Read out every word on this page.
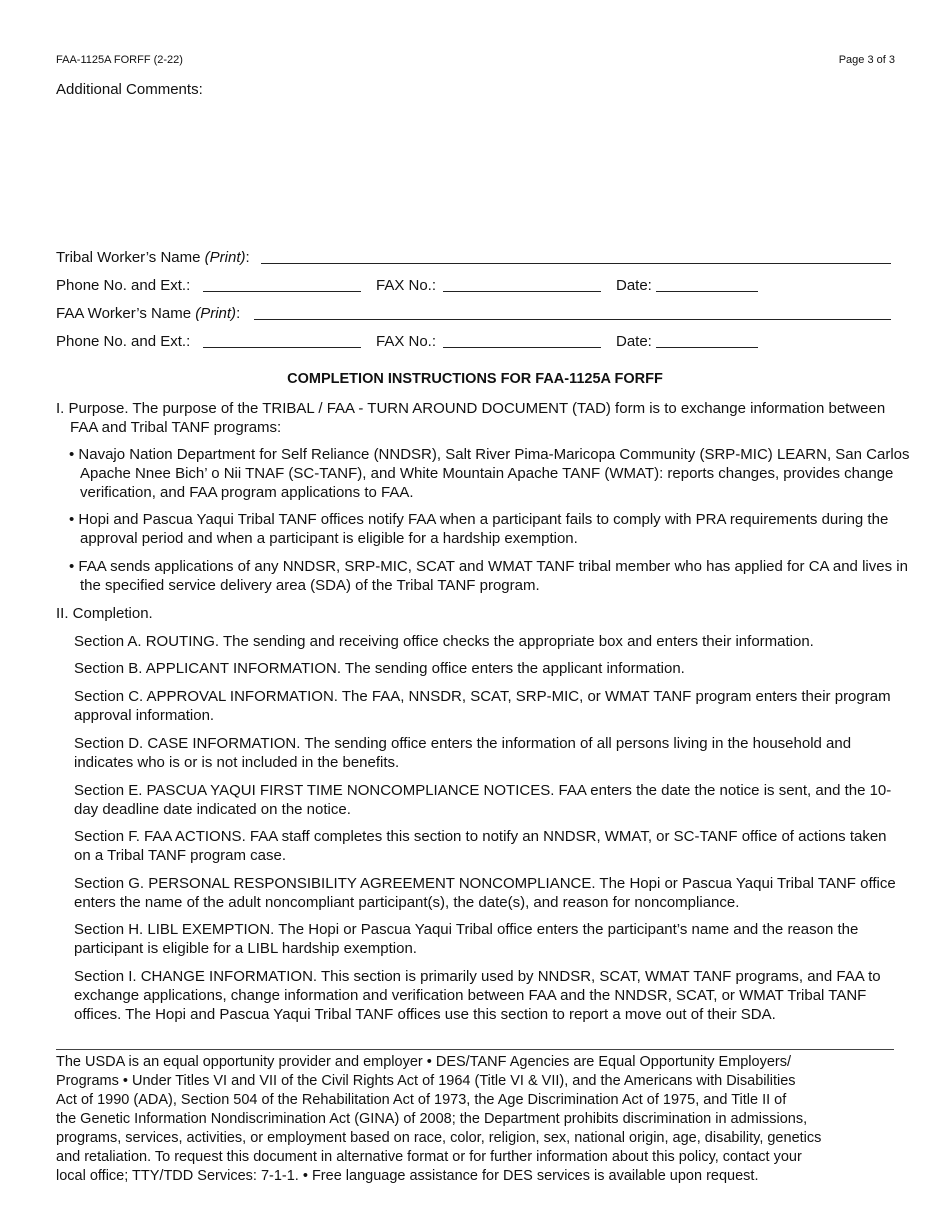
FAA-1125A FORFF (2-22)	Page 3 of 3
Additional Comments:
Tribal Worker’s Name (Print):
Phone No. and Ext.:	FAX No.:	Date:
FAA Worker’s Name (Print):
Phone No. and Ext.:	FAX No.:	Date:
COMPLETION INSTRUCTIONS FOR FAA-1125A FORFF
I. Purpose. The purpose of the TRIBAL / FAA - TURN AROUND DOCUMENT (TAD) form is to exchange information between FAA and Tribal TANF programs:
• Navajo Nation Department for Self Reliance (NNDSR), Salt River Pima-Maricopa Community (SRP-MIC) LEARN, San Carlos Apache Nnee Bich’ o Nii TNAF (SC-TANF), and White Mountain Apache TANF (WMAT): reports changes, provides change verification, and FAA program applications to FAA.
• Hopi and Pascua Yaqui Tribal TANF offices notify FAA when a participant fails to comply with PRA requirements during the approval period and when a participant is eligible for a hardship exemption.
• FAA sends applications of any NNDSR, SRP-MIC, SCAT and WMAT TANF tribal member who has applied for CA and lives in the specified service delivery area (SDA) of the Tribal TANF program.
II. Completion.
Section A. ROUTING. The sending and receiving office checks the appropriate box and enters their information.
Section B. APPLICANT INFORMATION. The sending office enters the applicant information.
Section C. APPROVAL INFORMATION. The FAA, NNSDR, SCAT, SRP-MIC, or WMAT TANF program enters their program approval information.
Section D. CASE INFORMATION. The sending office enters the information of all persons living in the household and indicates who is or is not included in the benefits.
Section E. PASCUA YAQUI FIRST TIME NONCOMPLIANCE NOTICES. FAA enters the date the notice is sent, and the 10-day deadline date indicated on the notice.
Section F. FAA ACTIONS. FAA staff completes this section to notify an NNDSR, WMAT, or SC-TANF office of actions taken on a Tribal TANF program case.
Section G. PERSONAL RESPONSIBILITY AGREEMENT NONCOMPLIANCE. The Hopi or Pascua Yaqui Tribal TANF office enters the name of the adult noncompliant participant(s), the date(s), and reason for noncompliance.
Section H. LIBL EXEMPTION. The Hopi or Pascua Yaqui Tribal office enters the participant’s name and the reason the participant is eligible for a LIBL hardship exemption.
Section I. CHANGE INFORMATION. This section is primarily used by NNDSR, SCAT, WMAT TANF programs, and FAA to exchange applications, change information and verification between FAA and the NNDSR, SCAT, or WMAT Tribal TANF offices. The Hopi and Pascua Yaqui Tribal TANF offices use this section to report a move out of their SDA.
The USDA is an equal opportunity provider and employer • DES/TANF Agencies are Equal Opportunity Employers/
Programs • Under Titles VI and VII of the Civil Rights Act of 1964 (Title VI & VII), and the Americans with Disabilities
Act of 1990 (ADA), Section 504 of the Rehabilitation Act of 1973, the Age Discrimination Act of 1975, and Title II of
the Genetic Information Nondiscrimination Act (GINA) of 2008; the Department prohibits discrimination in admissions,
programs, services, activities, or employment based on race, color, religion, sex, national origin, age, disability, genetics
and retaliation. To request this document in alternative format or for further information about this policy, contact your
local office; TTY/TDD Services: 7-1-1. • Free language assistance for DES services is available upon request.
